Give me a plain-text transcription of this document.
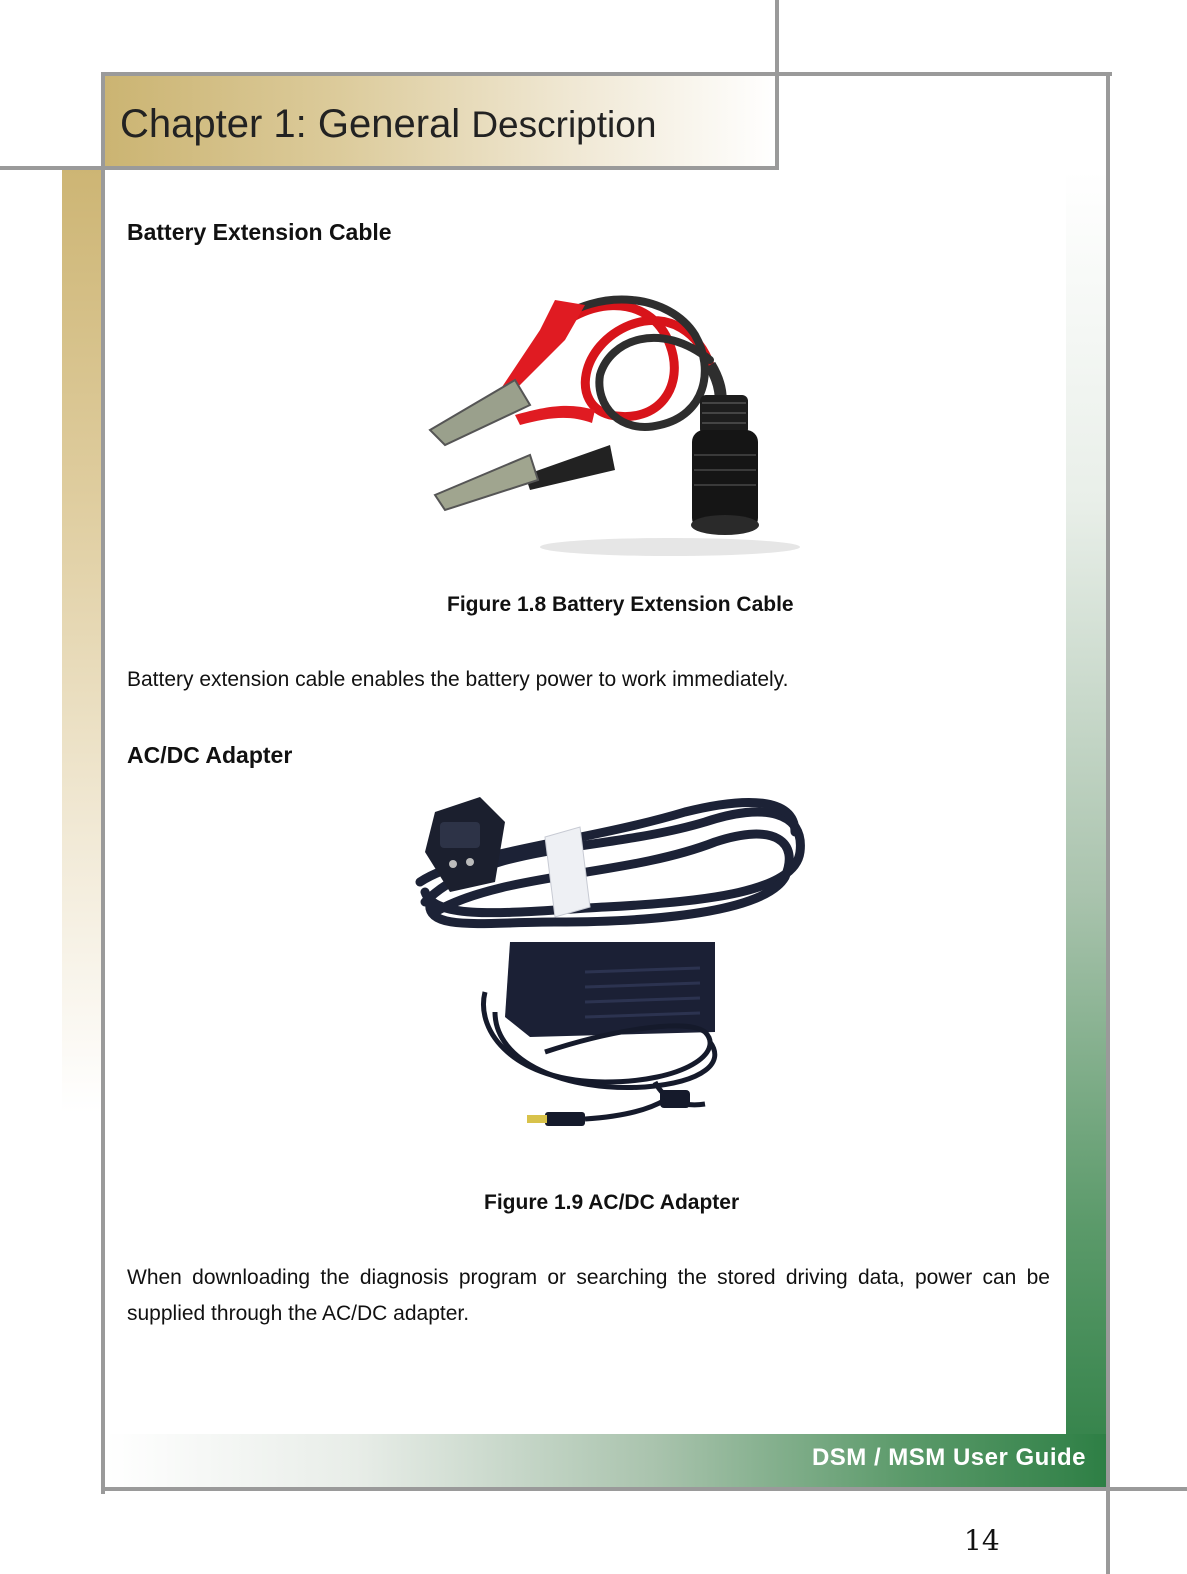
Chapter 1: General Description
Battery Extension Cable
Figure 1.8 Battery Extension Cable
Battery extension cable enables the battery power to work immediately.
AC/DC Adapter
Figure 1.9 AC/DC Adapter
When downloading the diagnosis program or searching the stored driving data, power can be supplied through the AC/DC adapter.
DSM / MSM User Guide
14
